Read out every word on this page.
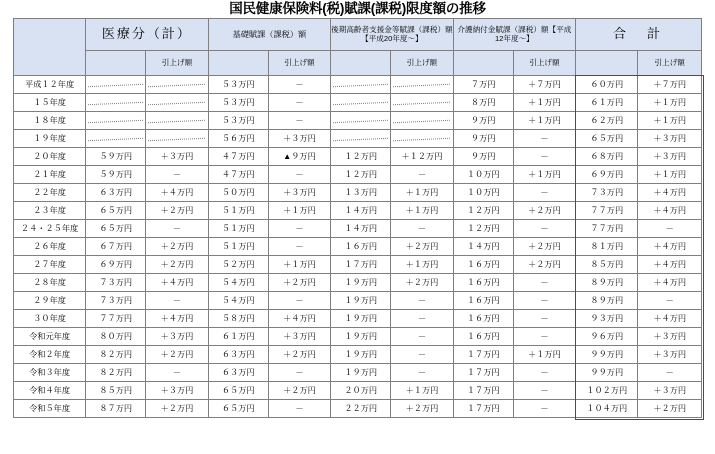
国民健康保険料(税)賦課(課税)限度額の推移
	医療分（計）		基礎賦課（課税）額		後期高齢者支援金等賦課（課税）額【平成20年度～】		介護納付金賦課（課税）額【平成12年度～】		合　計	
		引上げ額		引上げ額		引上げ額		引上げ額		引上げ額
平成１２年度			５３万円	－			７万円	＋７万円	６０万円	＋７万円
１５年度			５３万円	－			８万円	＋１万円	６１万円	＋１万円
１８年度			５３万円	－			９万円	＋１万円	６２万円	＋１万円
１９年度			５６万円	＋３万円			９万円	－	６５万円	＋３万円
２０年度	５９万円	＋３万円	４７万円	▲９万円	１２万円	＋１２万円	９万円	－	６８万円	＋３万円
２１年度	５９万円	－	４７万円	－	１２万円	－	１０万円	＋１万円	６９万円	＋１万円
２２年度	６３万円	＋４万円	５０万円	＋３万円	１３万円	＋１万円	１０万円	－	７３万円	＋４万円
２３年度	６５万円	＋２万円	５１万円	＋１万円	１４万円	＋１万円	１２万円	＋２万円	７７万円	＋４万円
２４・２５年度	６５万円	－	５１万円	－	１４万円	－	１２万円	－	７７万円	－
２６年度	６７万円	＋２万円	５１万円	－	１６万円	＋２万円	１４万円	＋２万円	８１万円	＋４万円
２７年度	６９万円	＋２万円	５２万円	＋１万円	１７万円	＋１万円	１６万円	＋２万円	８５万円	＋４万円
２８年度	７３万円	＋４万円	５４万円	＋２万円	１９万円	＋２万円	１６万円	－	８９万円	＋４万円
２９年度	７３万円	－	５４万円	－	１９万円	－	１６万円	－	８９万円	－
３０年度	７７万円	＋４万円	５８万円	＋４万円	１９万円	－	１６万円	－	９３万円	＋４万円
令和元年度	８０万円	＋３万円	６１万円	＋３万円	１９万円	－	１６万円	－	９６万円	＋３万円
令和２年度	８２万円	＋２万円	６３万円	＋２万円	１９万円	－	１７万円	＋１万円	９９万円	＋３万円
令和３年度	８２万円	－	６３万円	－	１９万円	－	１７万円	－	９９万円	－
令和４年度	８５万円	＋３万円	６５万円	＋２万円	２０万円	＋１万円	１７万円	－	１０２万円	＋３万円
令和５年度	８７万円	＋２万円	６５万円	－	２２万円	＋２万円	１７万円	－	１０４万円	＋２万円
